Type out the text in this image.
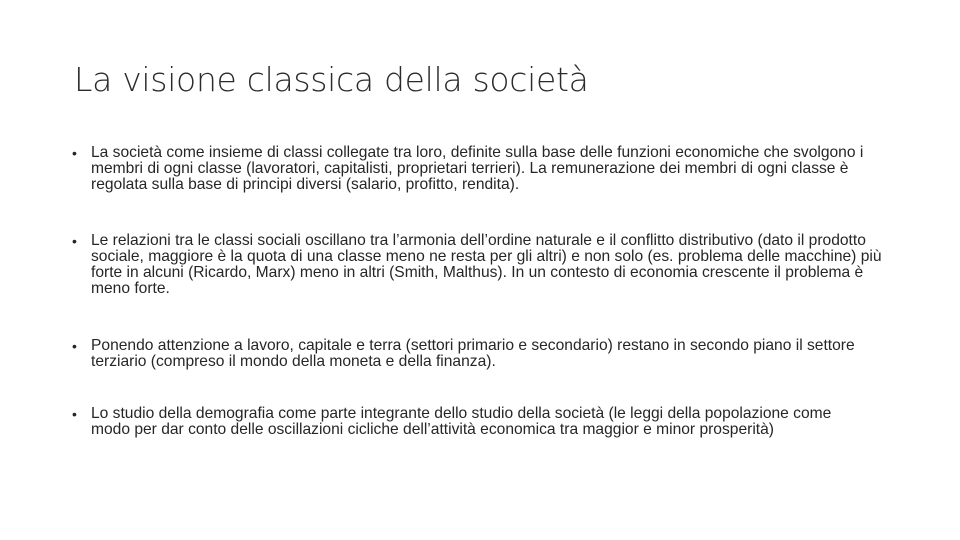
La visione classica della società
• La società come insieme di classi collegate tra loro, definite sulla base delle funzioni economiche che svolgono i membri di ogni classe (lavoratori, capitalisti, proprietari terrieri). La remunerazione dei membri di ogni classe è regolata sulla base di principi diversi (salario, profitto, rendita).
• Le relazioni tra le classi sociali oscillano tra l’armonia dell’ordine naturale e il conflitto distributivo (dato il prodotto sociale, maggiore è la quota di una classe meno ne resta per gli altri) e non solo (es. problema delle macchine) più forte in alcuni (Ricardo, Marx) meno in altri (Smith, Malthus). In un contesto di economia crescente il problema è meno forte.
• Ponendo attenzione a lavoro, capitale e terra (settori primario e secondario) restano in secondo piano il settore terziario (compreso il mondo della moneta e della finanza).
• Lo studio della demografia come parte integrante dello studio della società (le leggi della popolazione come modo per dar conto delle oscillazioni cicliche dell’attività economica tra maggior e minor prosperità)
